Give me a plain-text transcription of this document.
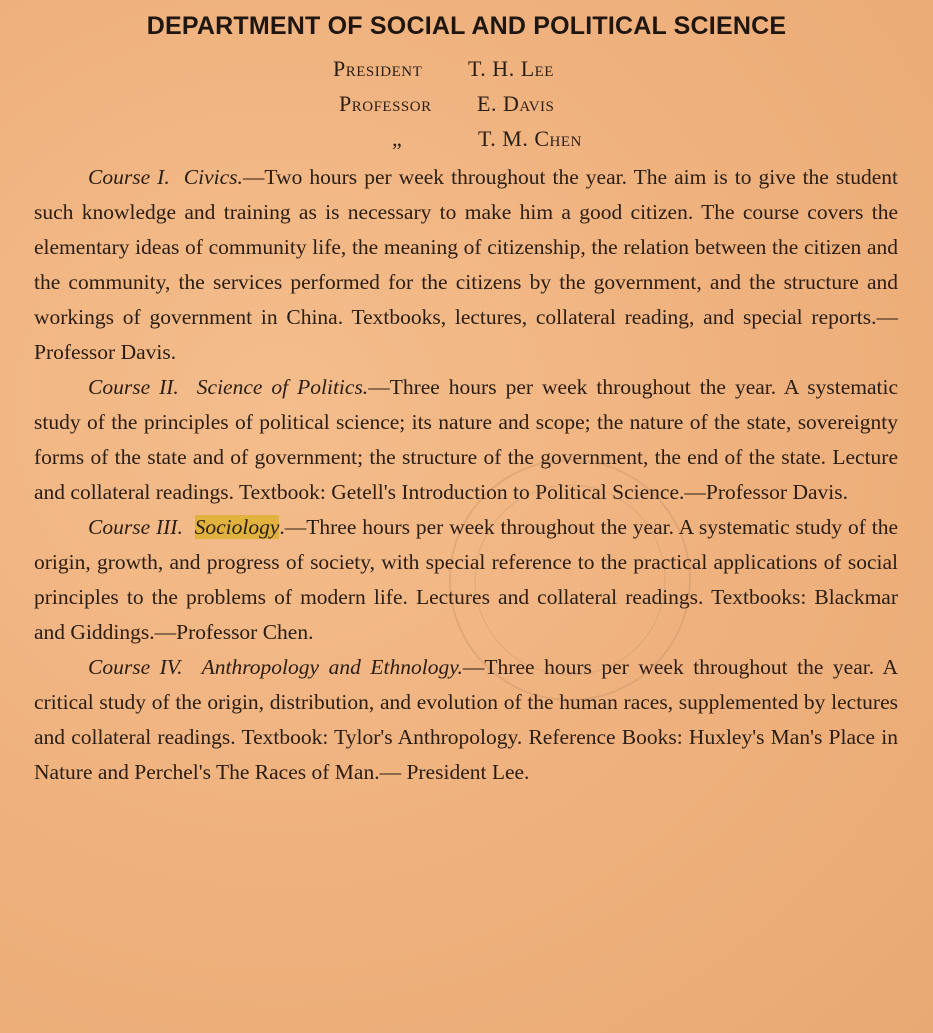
DEPARTMENT OF SOCIAL AND POLITICAL SCIENCE
President T. H. Lee
Professor E. Davis
„	T. M. Chen

Course I. Civics.—Two hours per week throughout the year. The aim is to give the student such knowledge and training as is necessary to make him a good citizen. The course covers the elementary ideas of community life, the meaning of citizenship, the relation between the citizen and the community, the services performed for the citizens by the government, and the structure and workings of government in China. Textbooks, lectures, collateral reading, and special reports.— Professor Davis.

Course II. Science of Politics.—Three hours per week throughout the year. A systematic study of the principles of political science; its nature and scope; the nature of the state, sovereignty forms of the state and of government; the structure of the government, the end of the state. Lecture and collateral readings. Textbook: Getell's Introduction to Political Science.—Professor Davis.

Course III. Sociology.—Three hours per week throughout the year. A systematic study of the origin, growth, and progress of society, with special reference to the practical applications of social principles to the problems of modern life. Lectures and collateral readings. Textbooks: Blackmar and Giddings.—Professor Chen.

Course IV. Anthropology and Ethnology.—Three hours per week throughout the year. A critical study of the origin, distribution, and evolution of the human races, supplemented by lectures and collateral readings. Textbook: Tylor's Anthropology. Reference Books: Huxley's Man's Place in Nature and Perchel's The Races of Man.— President Lee.
